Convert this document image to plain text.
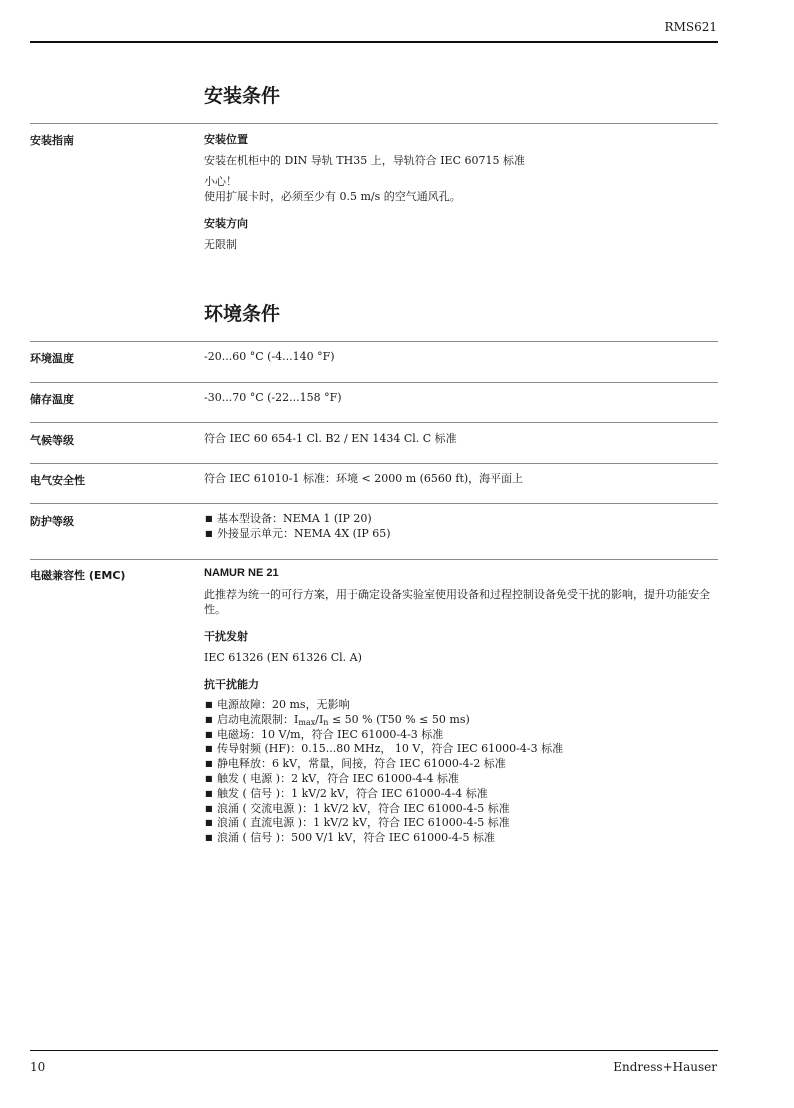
RMS621
安装条件
安装指南	安装位置

安装在机柜中的 DIN 导轨 TH35 上，导轨符合 IEC 60715 标准

小心！

使用扩展卡时，必须至少有 0.5 m/s 的空气通风孔。

安装方向

无限制

环境条件
环境温度	-20...60 °C (-4...140 °F)
储存温度	-30...70 °C (-22...158 °F)
气候等级	符合 IEC 60 654-1 Cl. B2 / EN 1434 Cl. C 标准
电气安全性	符合 IEC 61010-1 标准：环境 < 2000 m (6560 ft)，海平面上
防护等级	■ 基本型设备：NEMA 1 (IP 20)
■ 外接显示单元：NEMA 4X (IP 65)
电磁兼容性 (EMC)	NAMUR NE 21

此推荐为统一的可行方案，用于确定设备实验室使用设备和过程控制设备免受干扰的影响，提升功能安全性。

干扰发射

IEC 61326 (EN 61326 Cl. A)

抗干扰能力
■ 电源故障：20 ms，无影响
■ 启动电流限制：$I_{max}/I_n \le 50$ % (T50 % ≤ 50 ms)
■ 电磁场：10 V/m，符合 IEC 61000-4-3 标准
■ 传导射频 (HF)：0.15...80 MHz， 10 V，符合 IEC 61000-4-3 标准
■ 静电释放：6 kV，常量，间接，符合 IEC 61000-4-2 标准
■ 触发 ( 电源 )：2 kV，符合 IEC 61000-4-4 标准
■ 触发 ( 信号 )：1 kV/2 kV，符合 IEC 61000-4-4 标准
■ 浪涌 ( 交流电源 )：1 kV/2 kV，符合 IEC 61000-4-5 标准
■ 浪涌 ( 直流电源 )：1 kV/2 kV，符合 IEC 61000-4-5 标准
■ 浪涌 ( 信号 )：500 V/1 kV，符合 IEC 61000-4-5 标准
10	Endress+Hauser
